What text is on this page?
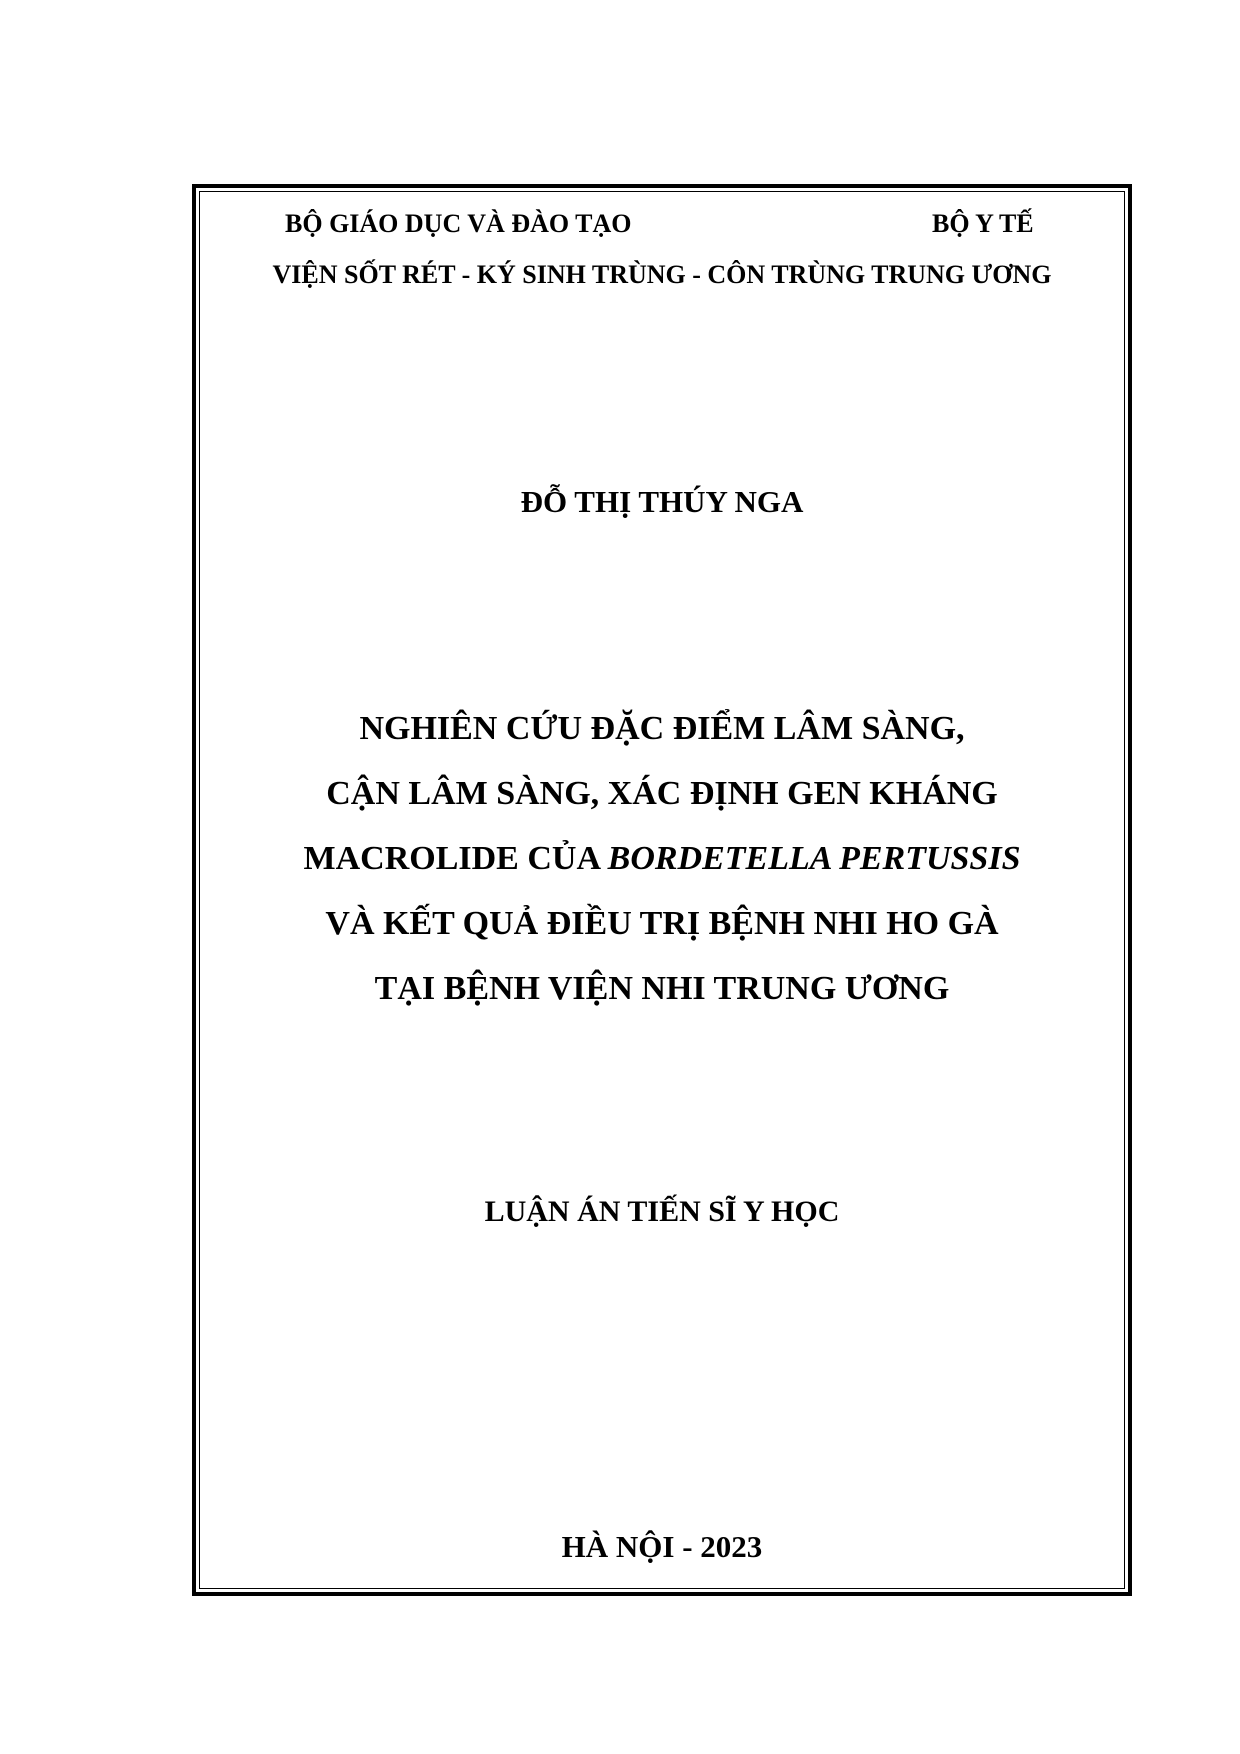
BỘ GIÁO DỤC VÀ ĐÀO TẠO	BỘ Y TẾ
VIỆN SỐT RÉT - KÝ SINH TRÙNG - CÔN TRÙNG TRUNG ƯƠNG
ĐỖ THỊ THÚY NGA
NGHIÊN CỨU ĐẶC ĐIỂM LÂM SÀNG,
CẬN LÂM SÀNG, XÁC ĐỊNH GEN KHÁNG
MACROLIDE CỦA BORDETELLA PERTUSSIS
VÀ KẾT QUẢ ĐIỀU TRỊ BỆNH NHI HO GÀ
TẠI BỆNH VIỆN NHI TRUNG ƯƠNG
LUẬN ÁN TIẾN SĨ Y HỌC
HÀ NỘI - 2023
